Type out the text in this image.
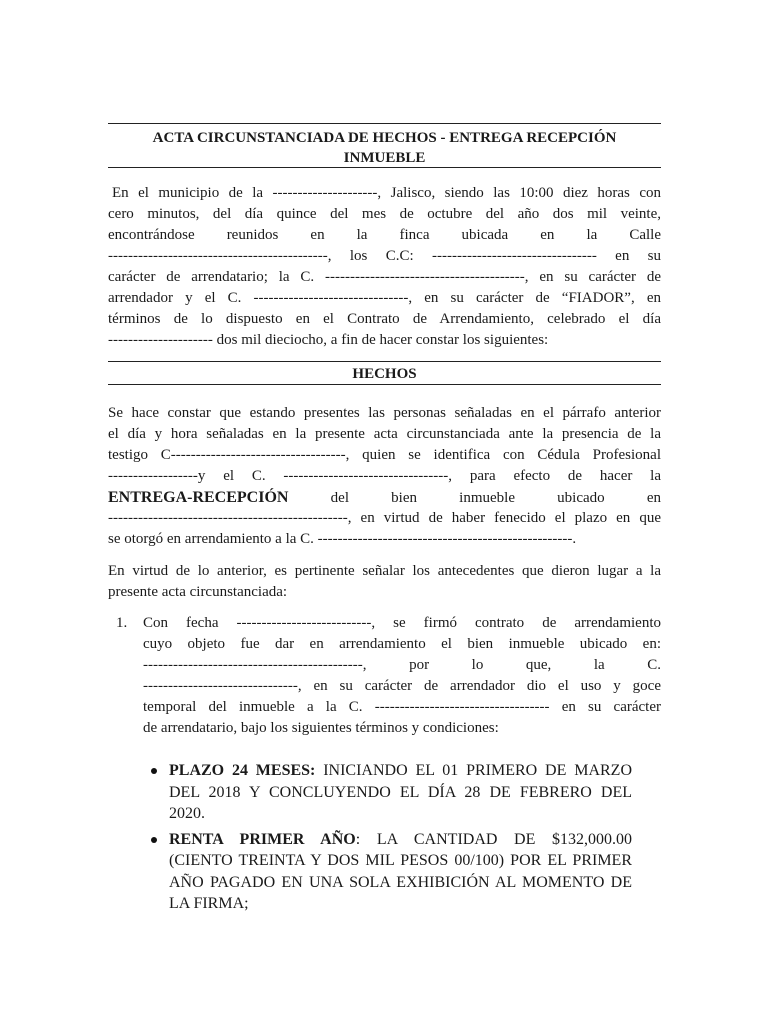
ACTA CIRCUNSTANCIADA DE HECHOS - ENTREGA RECEPCIÓN
INMUEBLE
En el municipio de la ---------------------, Jalisco, siendo las 10:00 diez horas con
cero minutos, del día quince del mes de octubre del año dos mil veinte,
encontrándose reunidos en la finca ubicada en la Calle
--------------------------------------------, los C.C: --------------------------------- en su
carácter de arrendatario; la C. ----------------------------------------, en su carácter de
arrendador y el C. -------------------------------, en su carácter de “FIADOR”, en
términos de lo dispuesto en el Contrato de Arrendamiento, celebrado el día
--------------------- dos mil dieciocho, a fin de hacer constar los siguientes:
HECHOS
Se hace constar que estando presentes las personas señaladas en el párrafo anterior
el día y hora señaladas en la presente acta circunstanciada ante la presencia de la
testigo C-----------------------------------, quien se identifica con Cédula Profesional
------------------y el C. ---------------------------------, para efecto de hacer la
ENTREGA-RECEPCIÓN	del bien inmueble ubicado en
------------------------------------------------, en virtud de haber fenecido el plazo en que
se otorgó en arrendamiento a la C. ---------------------------------------------------.
En virtud de lo anterior, es pertinente señalar los antecedentes que dieron lugar a la
presente acta circunstanciada:
1. Con fecha ---------------------------, se firmó contrato de arrendamiento
cuyo objeto fue dar en arrendamiento el bien inmueble ubicado en:
--------------------------------------------, por lo que, la C.
-------------------------------, en su carácter de arrendador dio el uso y goce
temporal del inmueble a la C. ----------------------------------- en su carácter
de arrendatario, bajo los siguientes términos y condiciones:
PLAZO 24 MESES: INICIANDO EL 01 PRIMERO DE MARZO
DEL 2018 Y CONCLUYENDO EL DÍA 28 DE FEBRERO DEL
2020.
RENTA PRIMER AÑO: LA CANTIDAD DE $132,000.00
(CIENTO TREINTA Y DOS MIL PESOS 00/100) POR EL PRIMER
AÑO PAGADO EN UNA SOLA EXHIBICIÓN AL MOMENTO DE
LA FIRMA;
